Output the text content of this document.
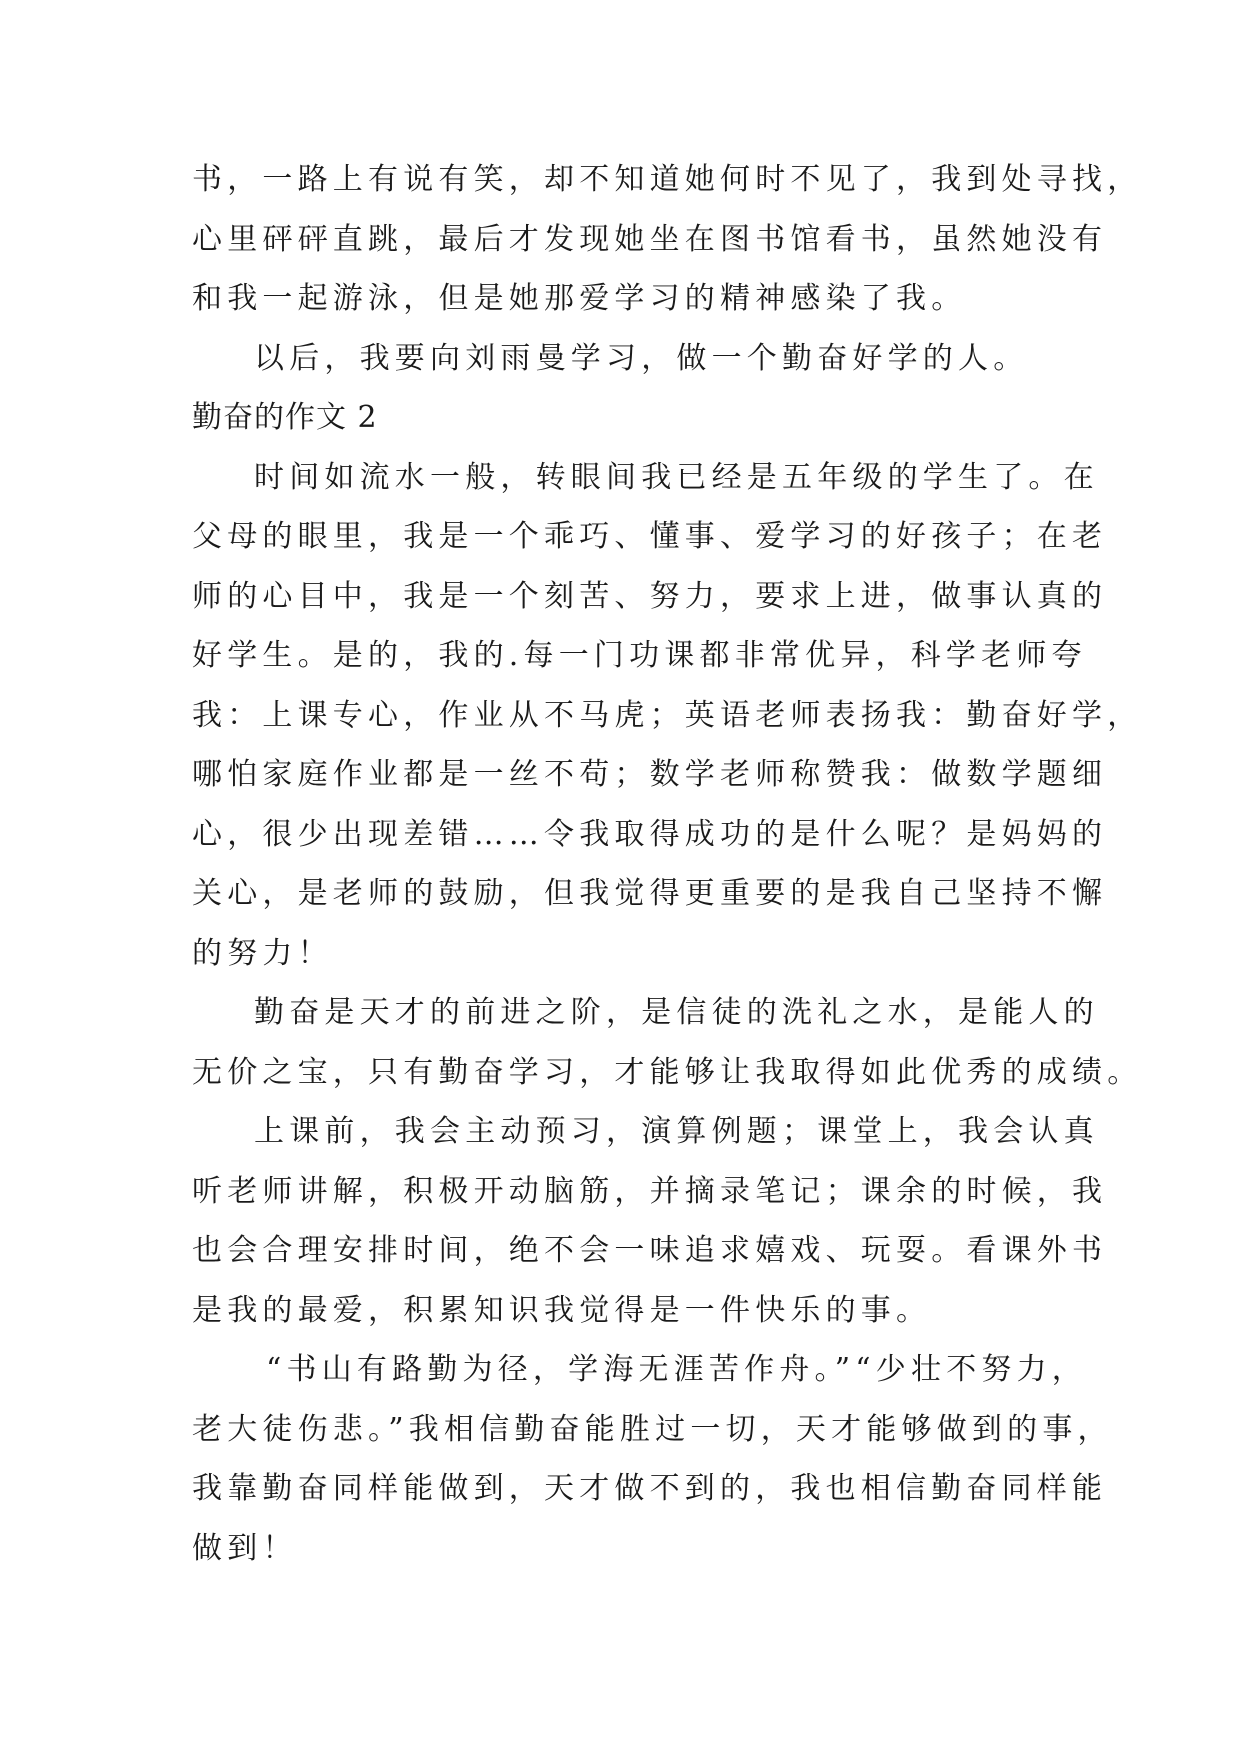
书，一路上有说有笑，却不知道她何时不见了，我到处寻找，

心里砰砰直跳，最后才发现她坐在图书馆看书，虽然她没有

和我一起游泳，但是她那爱学习的精神感染了我。

以后，我要向刘雨曼学习，做一个勤奋好学的人。

勤奋的作文 2

时间如流水一般，转眼间我已经是五年级的学生了。在

父母的眼里，我是一个乖巧、懂事、爱学习的好孩子；在老

师的心目中，我是一个刻苦、努力，要求上进，做事认真的

好学生。是的，我的.每一门功课都非常优异，科学老师夸

我：上课专心，作业从不马虎；英语老师表扬我：勤奋好学，

哪怕家庭作业都是一丝不苟；数学老师称赞我：做数学题细

心，很少出现差错……令我取得成功的是什么呢？是妈妈的

关心，是老师的鼓励，但我觉得更重要的是我自己坚持不懈

的努力！

勤奋是天才的前进之阶，是信徒的洗礼之水，是能人的

无价之宝，只有勤奋学习，才能够让我取得如此优秀的成绩。

上课前，我会主动预习，演算例题；课堂上，我会认真

听老师讲解，积极开动脑筋，并摘录笔记；课余的时候，我

也会合理安排时间，绝不会一味追求嬉戏、玩耍。看课外书

是我的最爱，积累知识我觉得是一件快乐的事。

“书山有路勤为径，学海无涯苦作舟。”“少壮不努力，

老大徒伤悲。”我相信勤奋能胜过一切，天才能够做到的事，

我靠勤奋同样能做到，天才做不到的，我也相信勤奋同样能

做到！
